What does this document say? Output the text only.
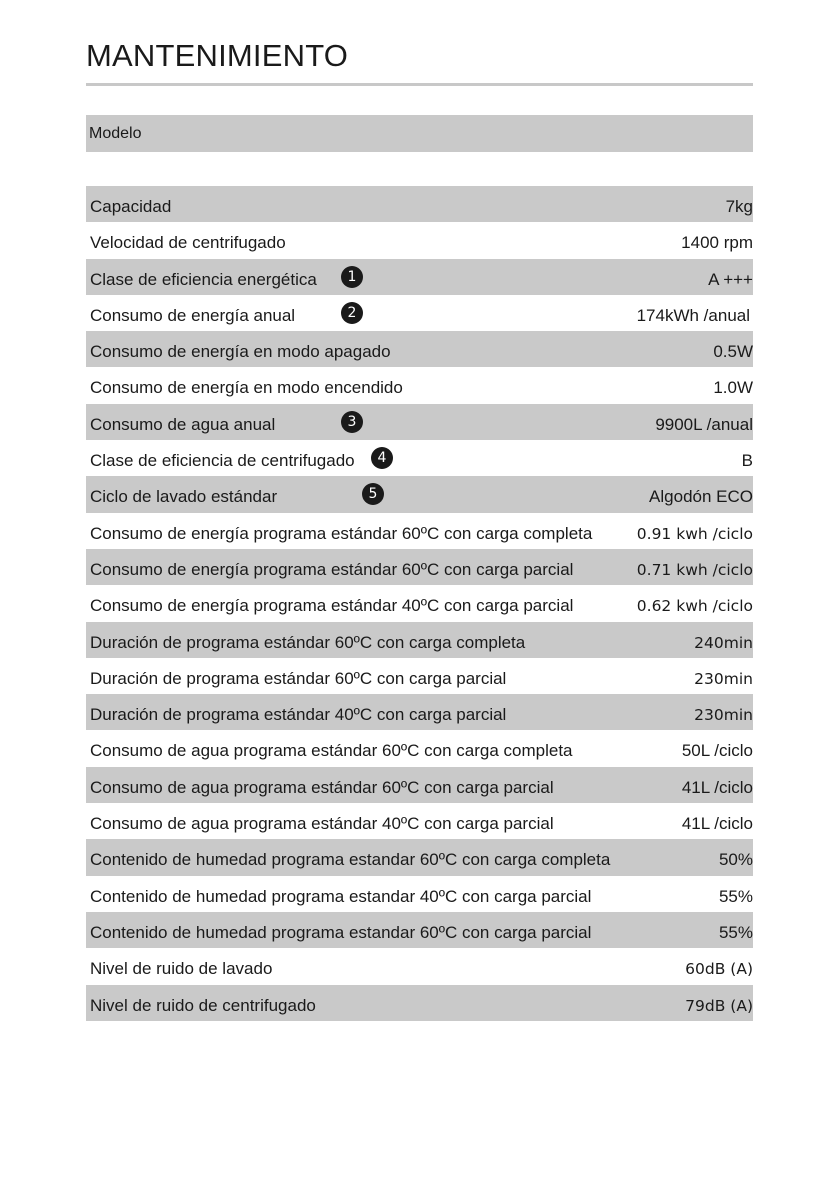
MANTENIMIENTO
Modelo
Capacidad	7kg
Velocidad de centrifugado	1400 rpm
Clase de eficiencia energética	1	A +++
Consumo de energía anual	2	174kWh /anual
Consumo de energía en modo apagado	0.5W
Consumo de energía en modo encendido	1.0W
Consumo de agua anual	3	9900L /anual
Clase de eficiencia de centrifugado	4	B
Ciclo de lavado estándar	5	Algodón ECO
Consumo de energía programa estándar 60ºC con carga completa	0.91 kwh /ciclo
Consumo de energía programa estándar 60ºC con carga parcial	0.71 kwh /ciclo
Consumo de energía programa estándar 40ºC con carga parcial	0.62 kwh /ciclo
Duración de programa estándar 60ºC con carga completa	240min
Duración de programa estándar 60ºC con carga parcial	230min
Duración de programa estándar 40ºC con carga parcial	230min
Consumo de agua programa estándar 60ºC con carga completa	50L /ciclo
Consumo de agua programa estándar 60ºC con carga parcial	41L /ciclo
Consumo de agua programa estándar 40ºC con carga parcial	41L /ciclo
Contenido de humedad programa estandar 60ºC con carga completa	50%
Contenido de humedad programa estandar 40ºC con carga parcial	55%
Contenido de humedad programa estandar 60ºC con carga parcial	55%
Nivel de ruido de lavado	60dB (A)
Nivel de ruido de centrifugado	79dB (A)
